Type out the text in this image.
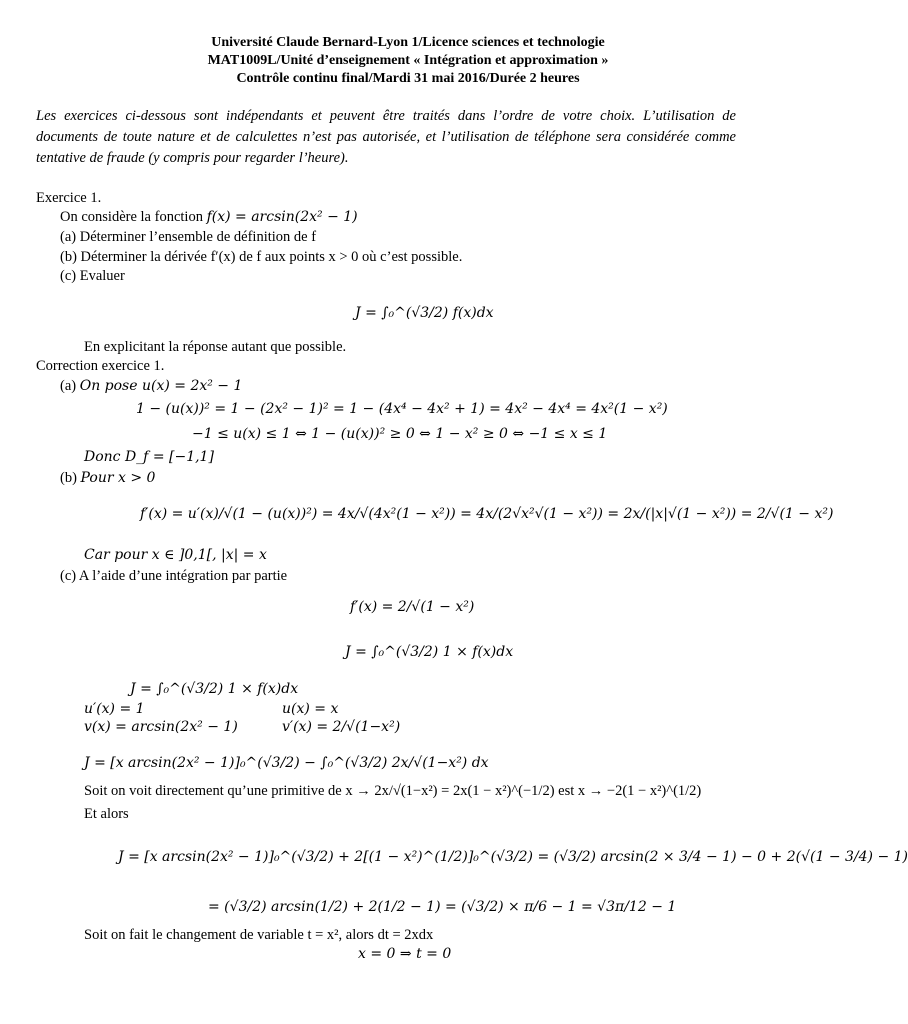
Université Claude Bernard-Lyon 1/Licence sciences et technologie
MAT1009L/Unité d’enseignement « Intégration et approximation »
Contrôle continu final/Mardi 31 mai 2016/Durée 2 heures
Les exercices ci-dessous sont indépendants et peuvent être traités dans l’ordre de votre choix. L’utilisation de documents de toute nature et de calculettes n’est pas autorisée, et l’utilisation de téléphone sera considérée comme tentative de fraude (y compris pour regarder l’heure).
Exercice 1.
On considère la fonction f(x) = arcsin(2x² − 1)
(a) Déterminer l’ensemble de définition de f
(b) Déterminer la dérivée f′(x) de f aux points x > 0 où c’est possible.
(c) Evaluer
J = ∫₀^(√3/2) f(x)dx
En explicitant la réponse autant que possible.
Correction exercice 1.
(a) On pose u(x) = 2x² − 1
1 − (u(x))² = 1 − (2x² − 1)² = 1 − (4x⁴ − 4x² + 1) = 4x² − 4x⁴ = 4x²(1 − x²)
−1 ≤ u(x) ≤ 1 ⇔ 1 − (u(x))² ≥ 0 ⇔ 1 − x² ≥ 0 ⇔ −1 ≤ x ≤ 1
Donc D_f = [−1,1]
(b) Pour x > 0
f′(x) = u′(x)/√(1 − (u(x))²) = 4x/√(4x²(1 − x²)) = 4x/(2√x²√(1 − x²)) = 2x/(|x|√(1 − x²)) = 2/√(1 − x²)
Car pour x ∈ ]0,1[, |x| = x
(c) A l’aide d’une intégration par partie
f′(x) = 2/√(1 − x²)
J = ∫₀^(√3/2) 1 × f(x)dx
J = ∫₀^(√3/2) 1 × f(x)dx
u′(x) = 1	u(x) = x
v(x) = arcsin(2x² − 1)	v′(x) = 2/√(1−x²)
J = [x arcsin(2x² − 1)]₀^(√3/2) − ∫₀^(√3/2) 2x/√(1−x²) dx
Soit on voit directement qu’une primitive de x → 2x/√(1−x²) = 2x(1 − x²)^(−1/2) est x → −2(1 − x²)^(1/2)
Et alors
J = [x arcsin(2x² − 1)]₀^(√3/2) + 2[(1 − x²)^(1/2)]₀^(√3/2) = (√3/2) arcsin(2 × 3/4 − 1) − 0 + 2(√(1 − 3/4) − 1)
= (√3/2) arcsin(1/2) + 2(1/2 − 1) = (√3/2) × π/6 − 1 = √3π/12 − 1
Soit on fait le changement de variable t = x², alors dt = 2xdx
x = 0 ⇒ t = 0
